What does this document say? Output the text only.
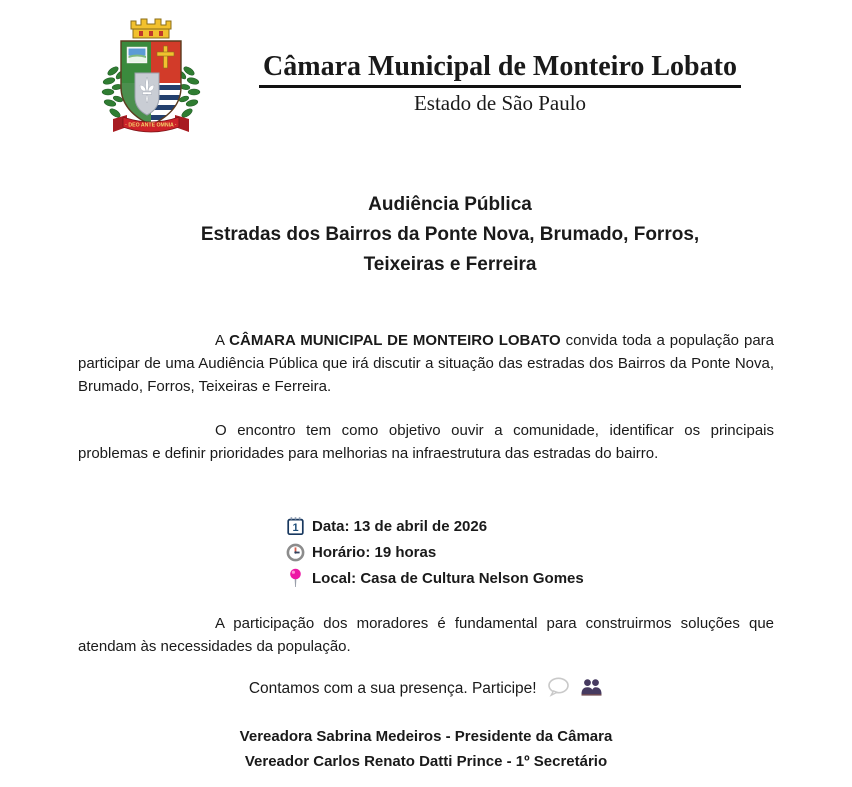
· DEO ANTE OMNIA ·
Câmara Municipal de Monteiro Lobato
Estado de São Paulo
Audiência Pública
Estradas dos Bairros da Ponte Nova, Brumado, Forros,
Teixeiras e Ferreira

A CÂMARA MUNICIPAL DE MONTEIRO LOBATO convida toda a população para participar de uma Audiência Pública que irá discutir a situação das estradas dos Bairros da Ponte Nova, Brumado, Forros, Teixeiras e Ferreira.

O encontro tem como objetivo ouvir a comunidade, identificar os principais problemas e definir prioridades para melhorias na infraestrutura das estradas do bairro.

1 Data: 13 de abril de 2026
Horário: 19 horas
Local: Casa de Cultura Nelson Gomes

A participação dos moradores é fundamental para construirmos soluções que atendam às necessidades da população.

Contamos com a sua presença. Participe!
Vereadora Sabrina Medeiros - Presidente da Câmara
Vereador Carlos Renato Datti Prince - 1º Secretário
